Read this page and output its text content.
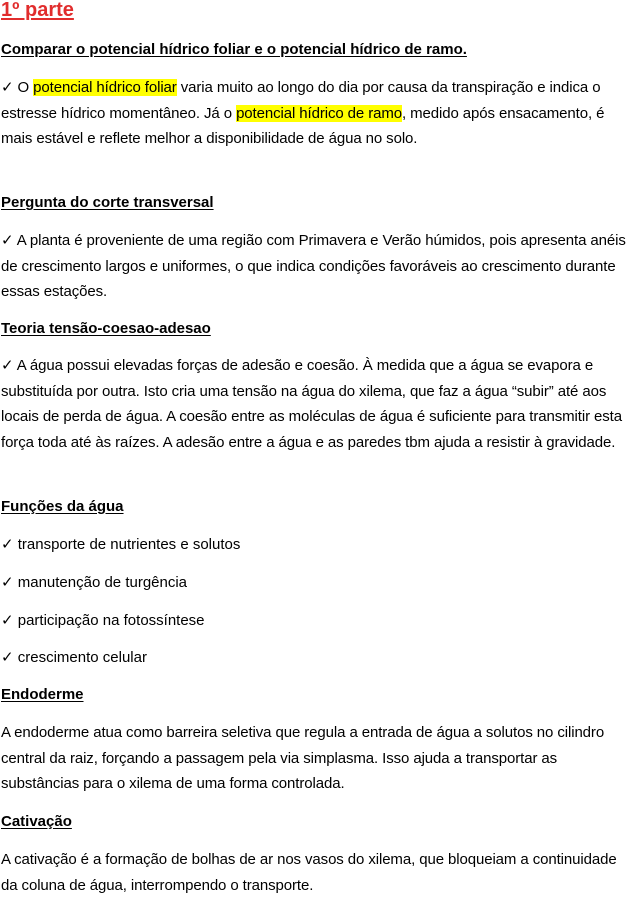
1º parte
Comparar o potencial hídrico foliar e o potencial hídrico de ramo.
✓ O potencial hídrico foliar varia muito ao longo do dia por causa da transpiração e indica o estresse hídrico momentâneo. Já o potencial hídrico de ramo, medido após ensacamento, é mais estável e reflete melhor a disponibilidade de água no solo.
Pergunta do corte transversal
✓ A planta é proveniente de uma região com Primavera e Verão húmidos, pois apresenta anéis de crescimento largos e uniformes, o que indica condições favoráveis ao crescimento durante essas estações.
Teoria tensão-coesao-adesao
✓ A água possui elevadas forças de adesão e coesão. À medida que a água se evapora e substituída por outra. Isto cria uma tensão na água do xilema, que faz a água “subir” até aos locais de perda de água. A coesão entre as moléculas de água é suficiente para transmitir esta força toda até às raízes. A adesão entre a água e as paredes tbm ajuda a resistir à gravidade.
Funções da água
✓ transporte de nutrientes e solutos
✓ manutenção de turgência
✓ participação na fotossíntese
✓ crescimento celular
Endoderme
A endoderme atua como barreira seletiva que regula a entrada de água a solutos no cilindro central da raiz, forçando a passagem pela via simplasma. Isso ajuda a transportar as substâncias para o xilema de uma forma controlada.
Cativação
A cativação é a formação de bolhas de ar nos vasos do xilema, que bloqueiam a continuidade da coluna de água, interrompendo o transporte.
